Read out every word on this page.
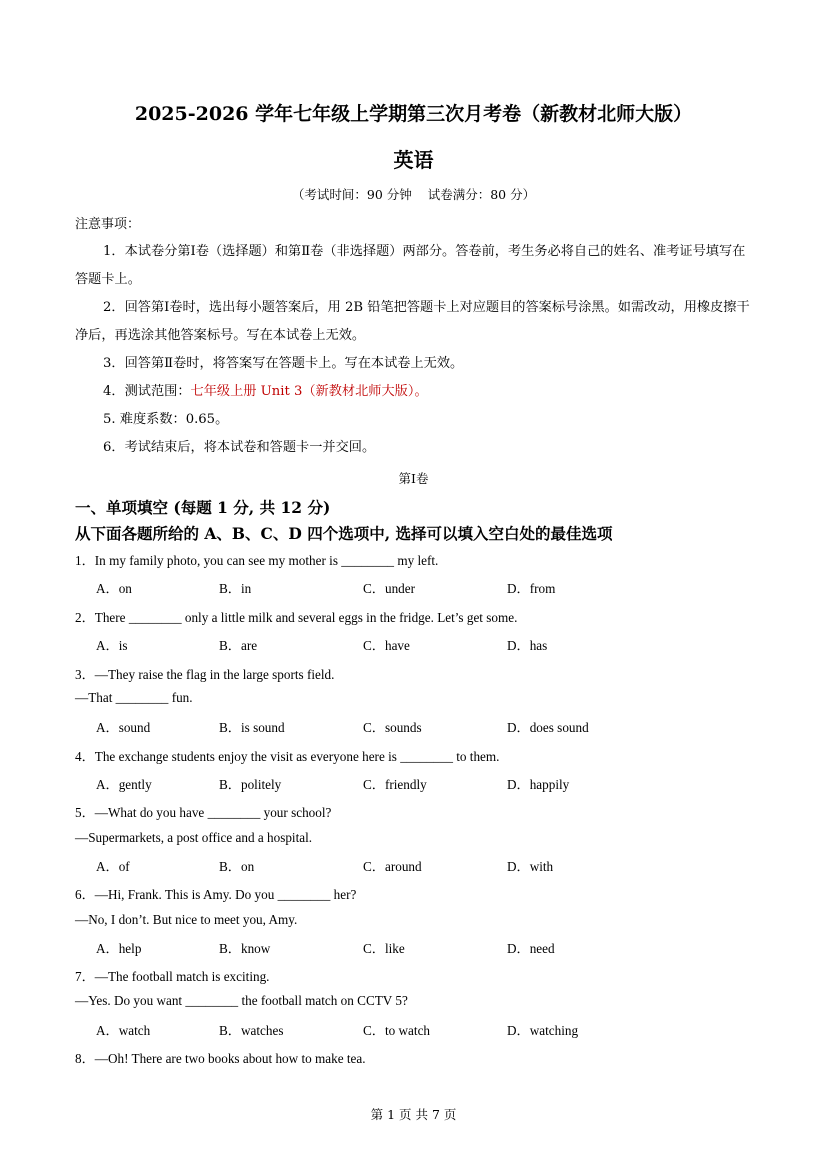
2025-2026 学年七年级上学期第三次月考卷（新教材北师大版）
英语
（考试时间：90 分钟 试卷满分：80 分）
注意事项：
1．本试卷分第Ⅰ卷（选择题）和第Ⅱ卷（非选择题）两部分。答卷前，考生务必将自己的姓名、准考证号填写在答题卡上。
2．回答第Ⅰ卷时，选出每小题答案后，用 2B 铅笔把答题卡上对应题目的答案标号涂黑。如需改动，用橡皮擦干净后，再选涂其他答案标号。写在本试卷上无效。
3．回答第Ⅱ卷时，将答案写在答题卡上。写在本试卷上无效。
4．测试范围：七年级上册 Unit 3（新教材北师大版）。
5. 难度系数：0.65。
6．考试结束后，将本试卷和答题卡一并交回。
第Ⅰ卷
一、单项填空 (每题 1 分, 共 12 分)
从下面各题所给的 A、B、C、D 四个选项中, 选择可以填入空白处的最佳选项
1．In my family photo, you can see my mother is ________ my left.
A．on	B．in	C．under	D．from
2．There ________ only a little milk and several eggs in the fridge. Let’s get some.
A．is	B．are	C．have	D．has
3．—They raise the flag in the large sports field.
—That ________ fun.
A．sound	B．is sound	C．sounds	D．does sound
4．The exchange students enjoy the visit as everyone here is ________ to them.
A．gently	B．politely	C．friendly	D．happily
5．—What do you have ________ your school?
—Supermarkets, a post office and a hospital.
A．of	B．on	C．around	D．with
6．—Hi, Frank. This is Amy. Do you ________ her?
—No, I don’t. But nice to meet you, Amy.
A．help	B．know	C．like	D．need
7．—The football match is exciting.
—Yes. Do you want ________ the football match on CCTV 5?
A．watch	B．watches	C．to watch	D．watching
8．—Oh! There are two books about how to make tea.
第 1 页 共 7 页
